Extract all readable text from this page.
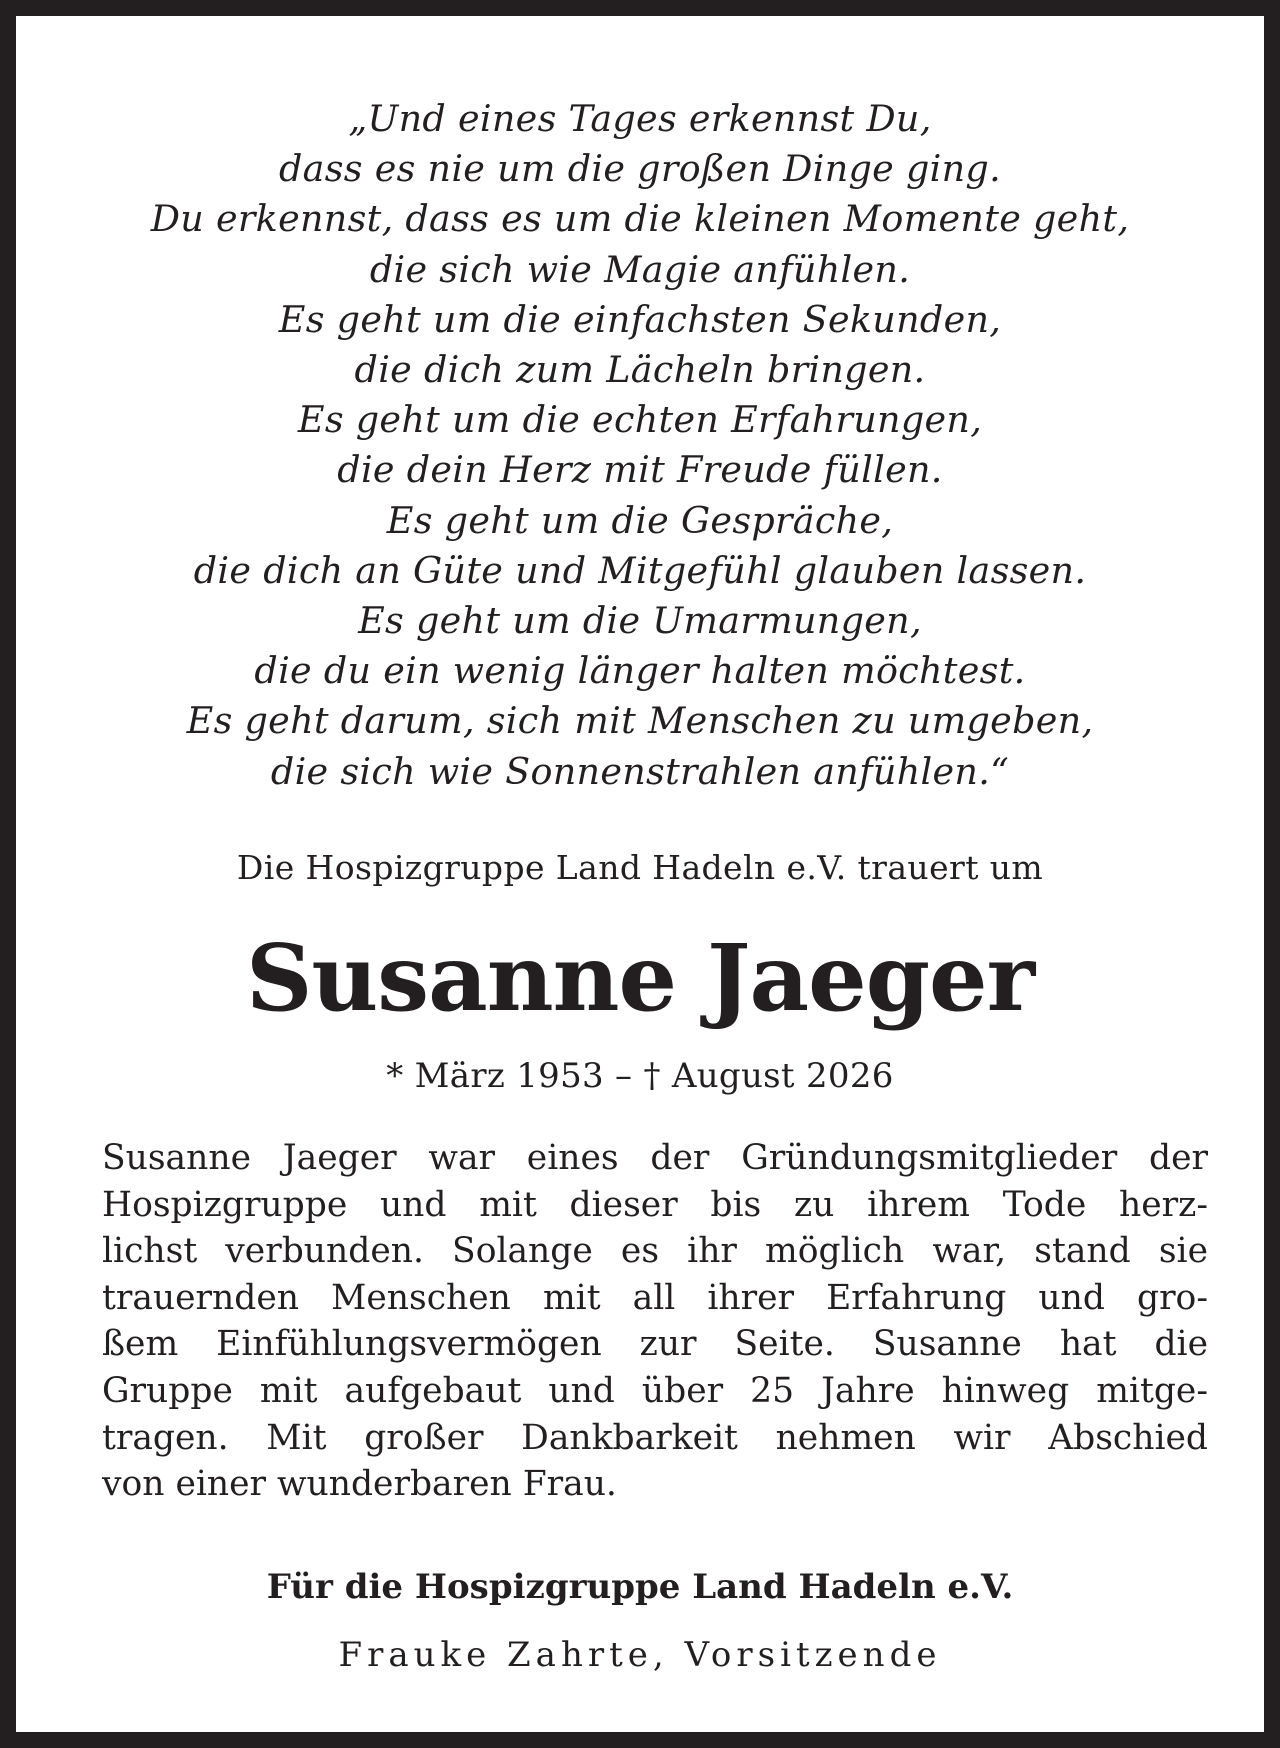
„Und eines Tages erkennst Du,
dass es nie um die großen Dinge ging.
Du erkennst, dass es um die kleinen Momente geht,
die sich wie Magie anfühlen.
Es geht um die einfachsten Sekunden,
die dich zum Lächeln bringen.
Es geht um die echten Erfahrungen,
die dein Herz mit Freude füllen.
Es geht um die Gespräche,
die dich an Güte und Mitgefühl glauben lassen.
Es geht um die Umarmungen,
die du ein wenig länger halten möchtest.
Es geht darum, sich mit Menschen zu umgeben,
die sich wie Sonnenstrahlen anfühlen.“
Die Hospizgruppe Land Hadeln e.V. trauert um
Susanne Jaeger
* März 1953 – † August 2026
Susanne Jaeger war eines der Gründungsmitglieder der
Hospizgruppe und mit dieser bis zu ihrem Tode herz-
lichst verbunden. Solange es ihr möglich war, stand sie
trauernden Menschen mit all ihrer Erfahrung und gro-
ßem Einfühlungsvermögen zur Seite. Susanne hat die
Gruppe mit aufgebaut und über 25 Jahre hinweg mitge-
tragen. Mit großer Dankbarkeit nehmen wir Abschied
von einer wunderbaren Frau.
Für die Hospizgruppe Land Hadeln e.V.
Frauke Zahrte, Vorsitzende
